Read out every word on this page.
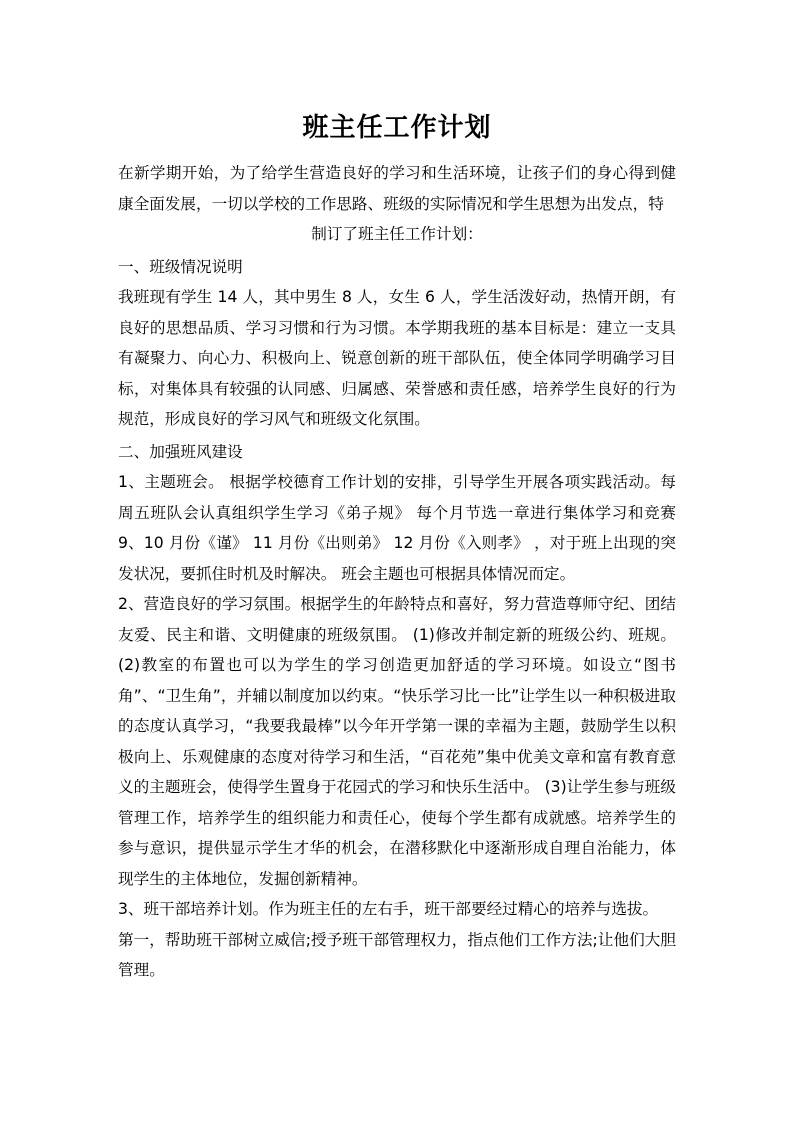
班主任工作计划

在新学期开始，为了给学生营造良好的学习和生活环境，让孩子们的身心得到健康全面发展，一切以学校的工作思路、班级的实际情况和学生思想为出发点，特

制订了班主任工作计划：

一、班级情况说明

我班现有学生 14 人，其中男生 8 人，女生 6 人，学生活泼好动，热情开朗，有良好的思想品质、学习习惯和行为习惯。本学期我班的基本目标是：建立一支具有凝聚力、向心力、积极向上、锐意创新的班干部队伍，使全体同学明确学习目标，对集体具有较强的认同感、归属感、荣誉感和责任感，培养学生良好的行为规范，形成良好的学习风气和班级文化氛围。

二、加强班风建设

1、主题班会。 根据学校德育工作计划的安排，引导学生开展各项实践活动。每周五班队会认真组织学生学习《弟子规》 每个月节选一章进行集体学习和竞赛 9、10 月份《谨》 11 月份《出则弟》 12 月份《入则孝》 ，对于班上出现的突发状况，要抓住时机及时解决。 班会主题也可根据具体情况而定。

2、营造良好的学习氛围。根据学生的年龄特点和喜好，努力营造尊师守纪、团结友爱、民主和谐、文明健康的班级氛围。 (1)修改并制定新的班级公约、班规。(2)教室的布置也可以为学生的学习创造更加舒适的学习环境。如设立“图书角”、“卫生角”，并辅以制度加以约束。“快乐学习比一比”让学生以一种积极进取的态度认真学习，“我要我最棒”以今年开学第一课的幸福为主题，鼓励学生以积极向上、乐观健康的态度对待学习和生活，“百花苑”集中优美文章和富有教育意义的主题班会，使得学生置身于花园式的学习和快乐生活中。 (3)让学生参与班级管理工作，培养学生的组织能力和责任心，使每个学生都有成就感。培养学生的参与意识，提供显示学生才华的机会，在潜移默化中逐渐形成自理自治能力，体现学生的主体地位，发掘创新精神。

3、班干部培养计划。作为班主任的左右手，班干部要经过精心的培养与选拔。

第一，帮助班干部树立威信;授予班干部管理权力，指点他们工作方法;让他们大胆管理。
